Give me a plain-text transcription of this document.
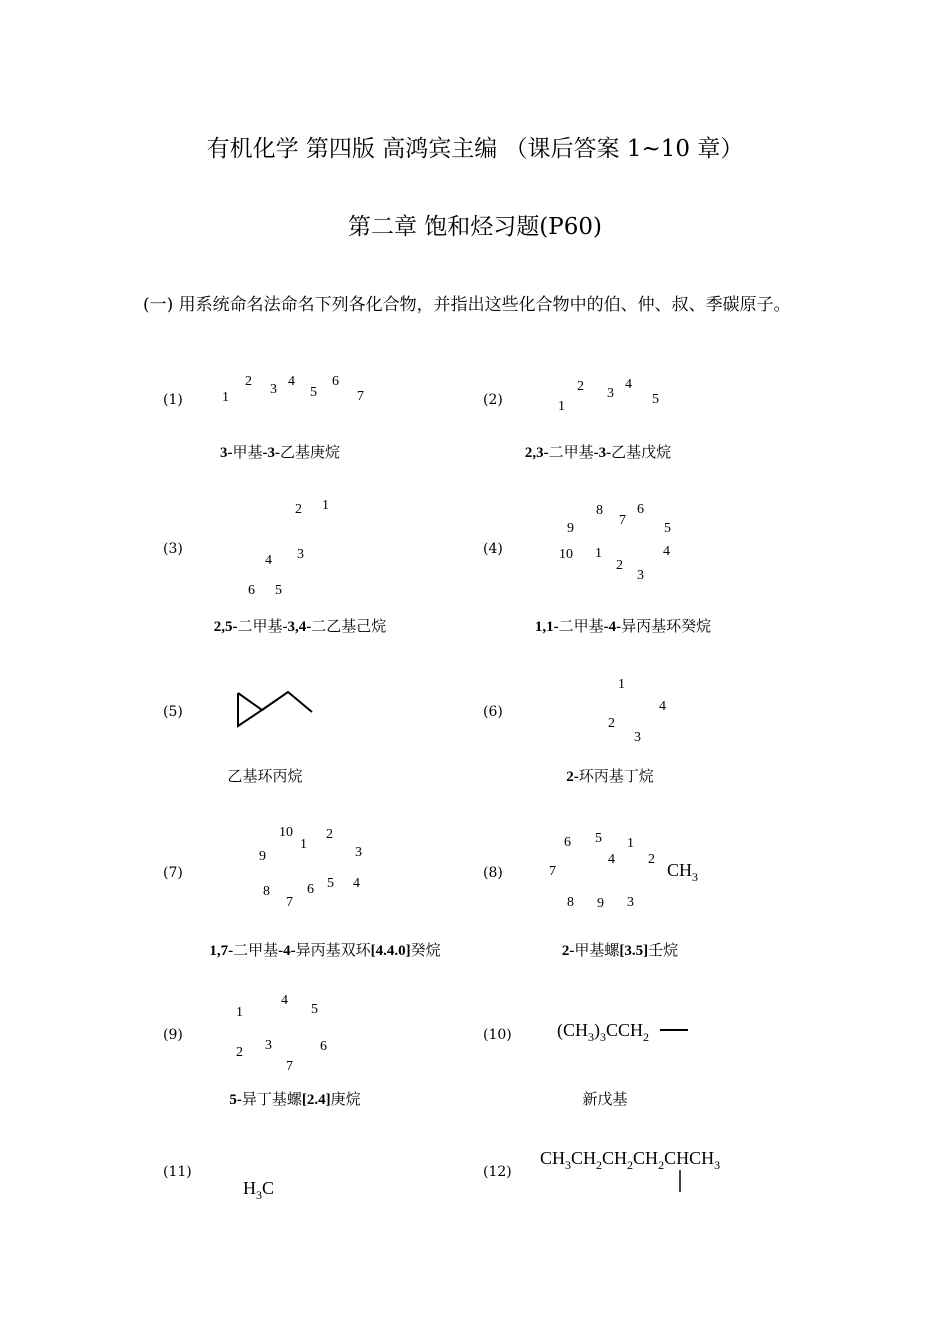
有机化学 第四版 高鸿宾主编 （课后答案 1~10 章）
第二章 饱和烃习题(P60)
(一) 用系统命名法命名下列各化合物，并指出这些化合物中的伯、仲、叔、季碳原子。
(1)	1
2
3
4
5
6
7
3-甲基-3-乙基庚烷
(2)	1
2 3
4
5
2,3-二甲基-3-乙基戊烷
(3)
1
2
3
4
5
6
2,5-二甲基-3,4-二乙基己烷
(4)	1
2
3
4
5
6
7
8
9
10
1,1-二甲基-4-异丙基环癸烷
(5)
乙基环丙烷
(6)
1
2
3
4
2-环丙基丁烷
(7)
1
2
3
4
5
6
7
8
9
10
1,7-二甲基-4-异丙基双环[4.4.0]癸烷
(8)
1
2
3
4
5
6
7
8 9
$CH_3$
2-甲基螺[3.5]壬烷
(9)
1
2 3
4
5
6
7
5-异丁基螺[2.4]庚烷
(10)	$(CH_3)_3CCH_2$
新戊基
(11)
$H_3C$
(12)
$CH_3CH_2CH_2CH_2CHCH_3$
